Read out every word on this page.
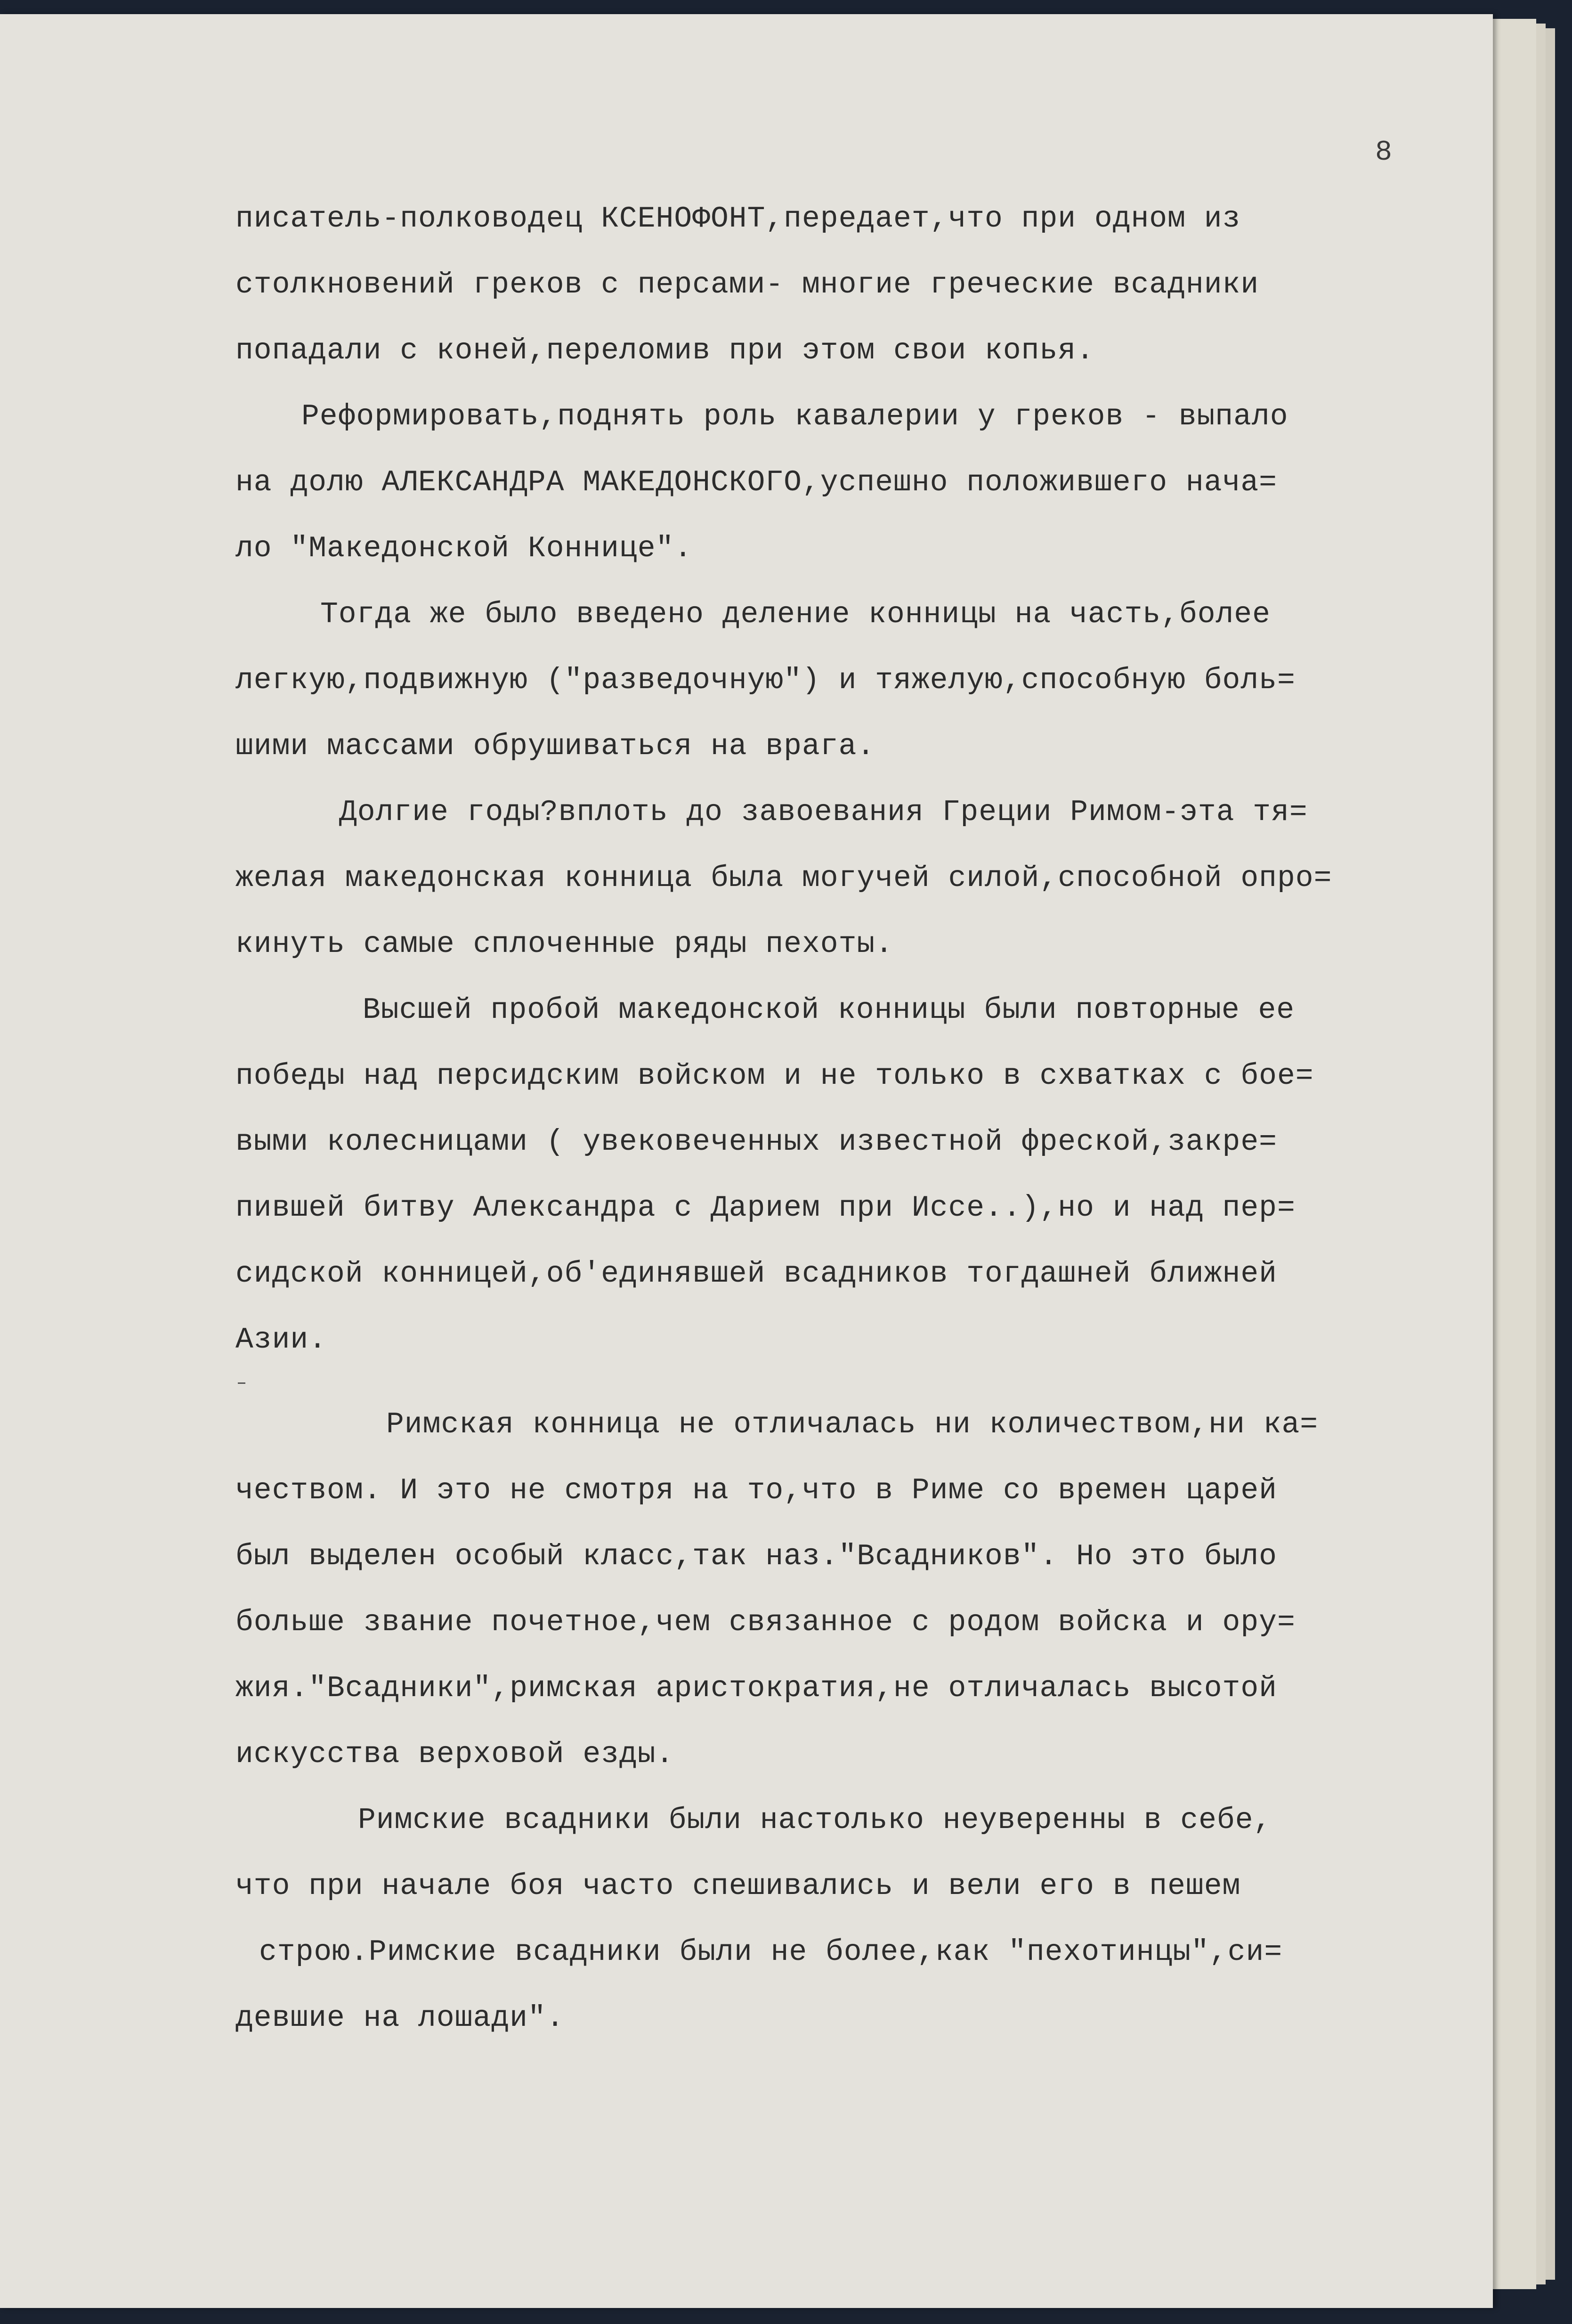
8
писатель-полководец КСЕНОФОНТ,передает,что при одном из
столкновений греков с персами- многие греческие всадники
попадали с коней,переломив при этом свои копья.
Реформировать,поднять роль кавалерии у греков - выпало
на долю АЛЕКСАНДРА МАКЕДОНСКОГО,успешно положившего нача=
ло "Македонской Коннице".
Тогда же было введено деление конницы на часть,более
легкую,подвижную ("разведочную") и тяжелую,способную боль=
шими массами обрушиваться на врага.
Долгие годы?вплоть до завоевания Греции Римом-эта тя=
желая македонская конница была могучей силой,способной опро=
кинуть самые сплоченные ряды пехоты.
Высшей пробой македонской конницы были повторные ее
победы над персидским войском и не только в схватках с бое=
выми колесницами ( увековеченных известной фреской,закре=
пившей битву Александра с Дарием при Иссе..),но и над пер=
сидской конницей,об'единявшей всадников тогдашней ближней
Азии.
Римская конница не отличалась ни количеством,ни ка=
чеством. И это не смотря на то,что в Риме со времен царей
был выделен особый класс,так наз."Всадников". Но это было
больше звание почетное,чем связанное с родом войска и ору=
жия."Всадники",римская аристократия,не отличалась высотой
искусства верховой езды.
Римские всадники были настолько неуверенны в себе,
что при начале боя часто спешивались и вели его в пешем
строю.Римские всадники были не более,как "пехотинцы",си=
девшие на лошади".
